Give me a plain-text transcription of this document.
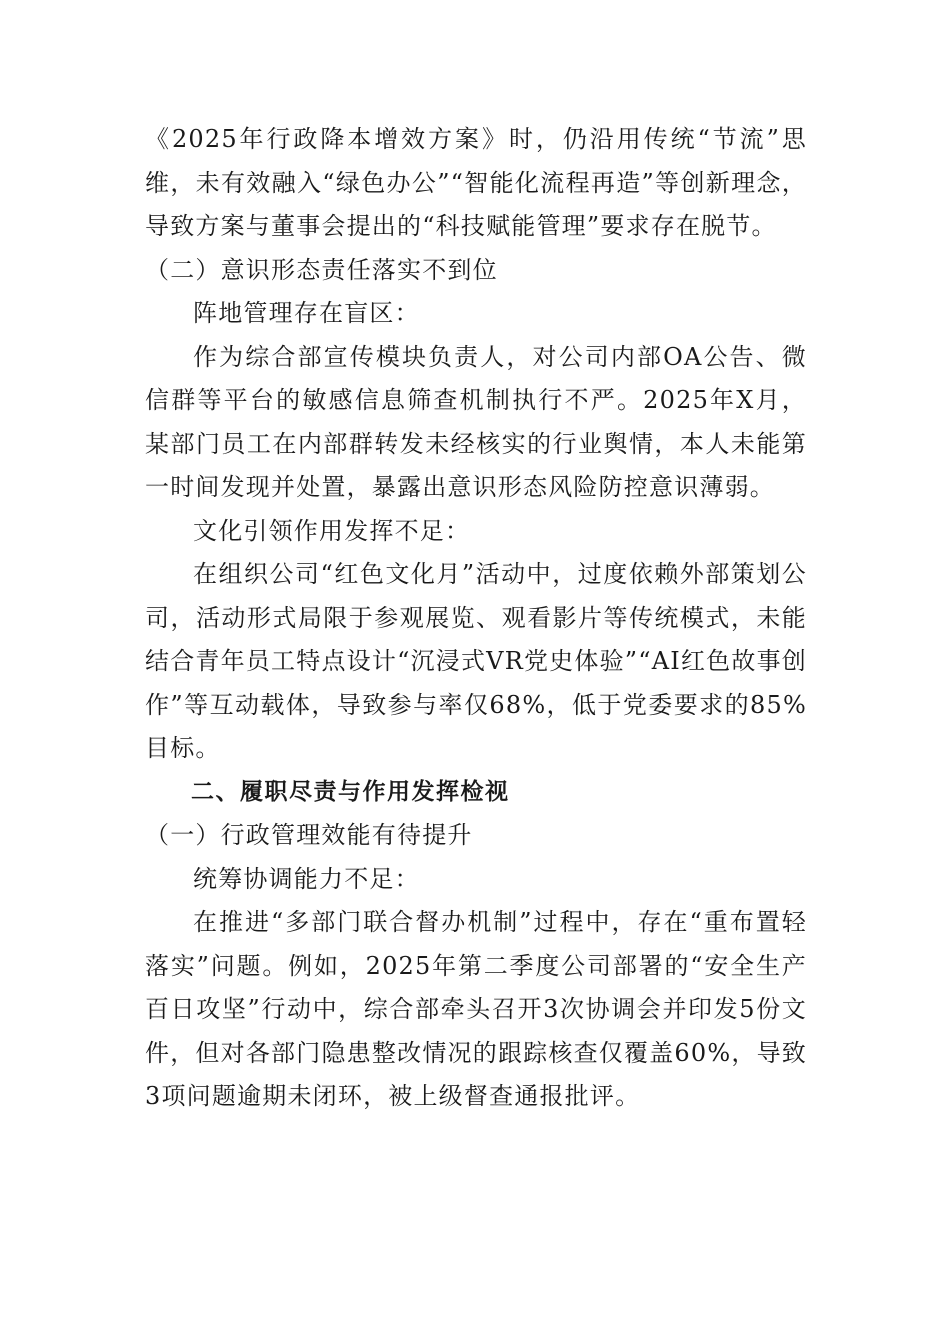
《2025年行政降本增效方案》时，仍沿用传统“节流”思维，未有效融入“绿色办公”“智能化流程再造”等创新理念，导致方案与董事会提出的“科技赋能管理”要求存在脱节。

（二）意识形态责任落实不到位

阵地管理存在盲区：

作为综合部宣传模块负责人，对公司内部OA公告、微信群等平台的敏感信息筛查机制执行不严。2025年X月，某部门员工在内部群转发未经核实的行业舆情，本人未能第一时间发现并处置，暴露出意识形态风险防控意识薄弱。

文化引领作用发挥不足：

在组织公司“红色文化月”活动中，过度依赖外部策划公司，活动形式局限于参观展览、观看影片等传统模式，未能结合青年员工特点设计“沉浸式VR党史体验”“AI红色故事创作”等互动载体，导致参与率仅68%，低于党委要求的85%目标。

二、履职尽责与作用发挥检视

（一）行政管理效能有待提升

统筹协调能力不足：

在推进“多部门联合督办机制”过程中，存在“重布置轻落实”问题。例如，2025年第二季度公司部署的“安全生产百日攻坚”行动中，综合部牵头召开3次协调会并印发5份文件，但对各部门隐患整改情况的跟踪核查仅覆盖60%，导致3项问题逾期未闭环，被上级督查通报批评。
